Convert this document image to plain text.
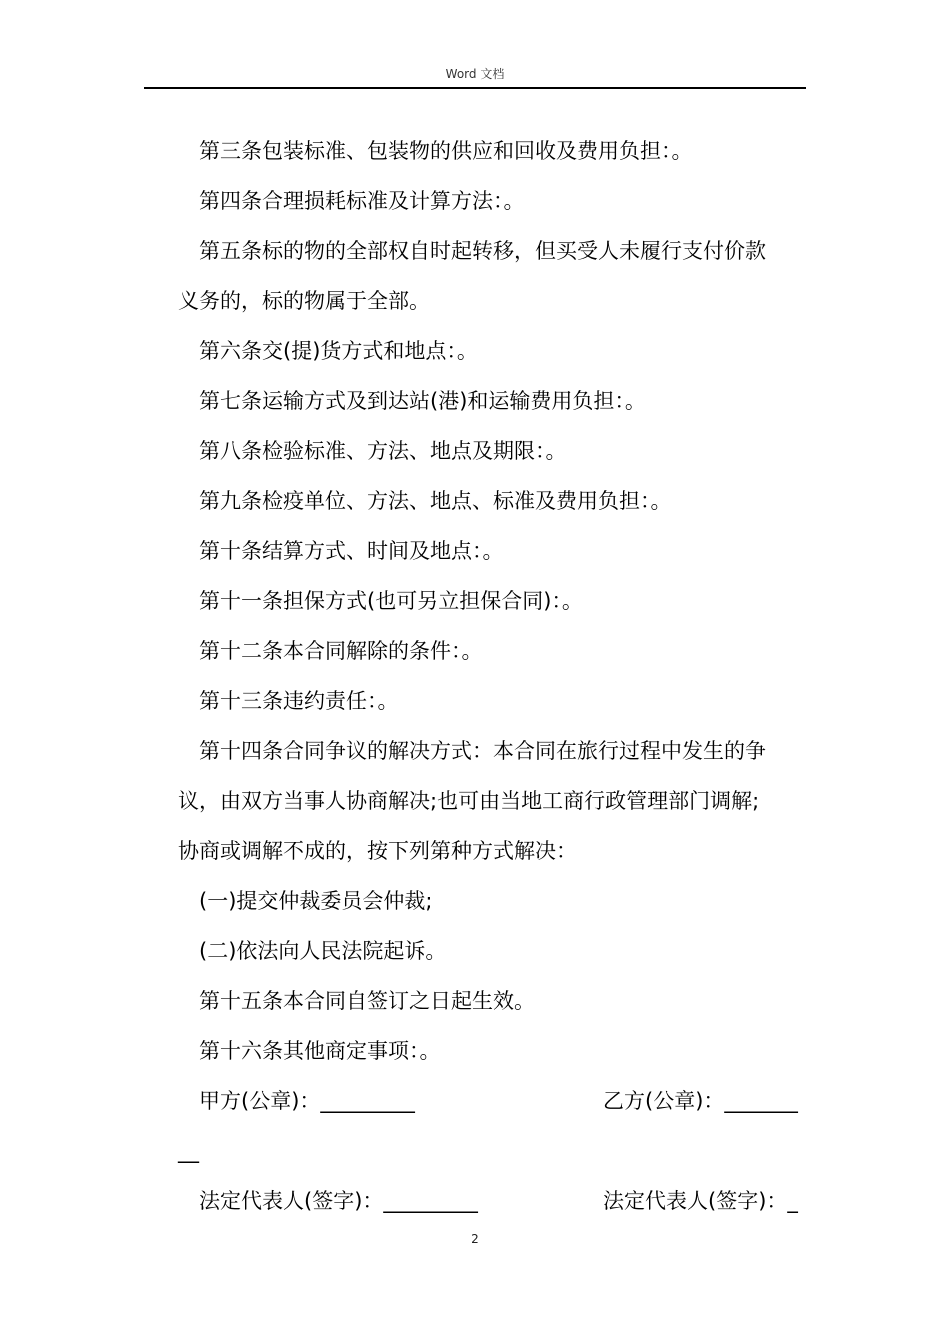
Word 文档

第三条包装标准、包装物的供应和回收及费用负担：。

第四条合理损耗标准及计算方法：。

第五条标的物的全部权自时起转移，但买受人未履行支付价款

义务的，标的物属于全部。

第六条交(提)货方式和地点：。

第七条运输方式及到达站(港)和运输费用负担：。

第八条检验标准、方法、地点及期限：。

第九条检疫单位、方法、地点、标准及费用负担：。

第十条结算方式、时间及地点：。

第十一条担保方式(也可另立担保合同)：。

第十二条本合同解除的条件：。

第十三条违约责任：。

第十四条合同争议的解决方式：本合同在旅行过程中发生的争

议，由双方当事人协商解决;也可由当地工商行政管理部门调解;

协商或调解不成的，按下列第种方式解决：

(一)提交仲裁委员会仲裁;

(二)依法向人民法院起诉。

第十五条本合同自签订之日起生效。

第十六条其他商定事项：。

甲方(公章)：_________	乙方(公章)：_______

__

法定代表人(签字)：_________	法定代表人(签字)：_
2
